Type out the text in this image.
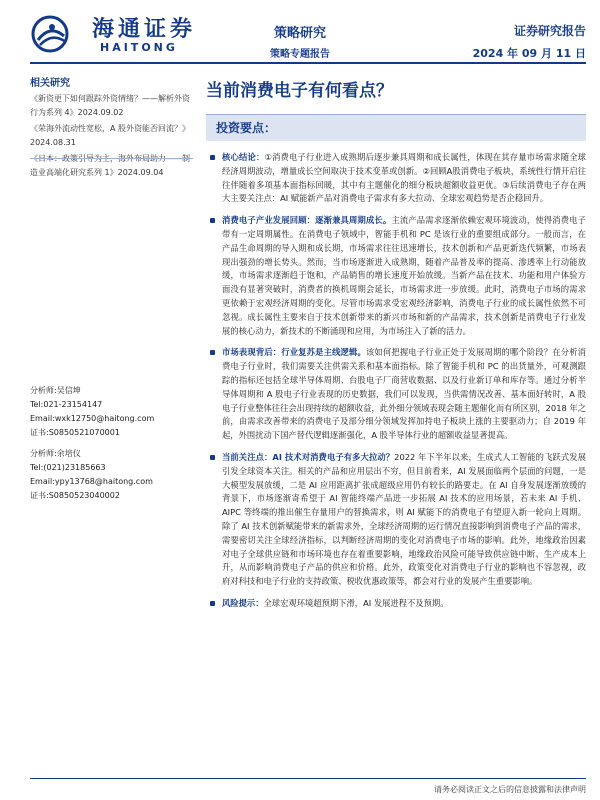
海通证券
HAITONG
策略研究
策略专题报告
证券研究报告
2024 年 09 月 11 日
相关研究
《新资更下如何跟踪外资情绪？——解析外资行为系列 4》2024.09.02
《荣海外流动性宽松，A 股外资能否回流？》2024.08.31
造业高端化研究系列 1》2024.09.04
分析师:吴信坤
Tel:021-23154147
Email:wxk12750@haitong.com
证书:S0850521070001
分析师:余培仪
Tel:(021)23185663
Email:ypy13768@haitong.com
证书:S0850523040002
当前消费电子有何看点？
投资要点：
核心结论：①消费电子行业进入成熟期后逐步兼具周期和成长属性，体现在其存量市场需求随全球经济周期波动，增量成长空间取决于技术变革或创新。②回顾A股消费电子板块，系统性行情开启往往伴随着多项基本面指标回暖，其中有主题催化的细分板块超额收益更优。③后续消费电子存在两大主要关注点：AI 赋能新产品对消费电子需求有多大拉动、全球宏观趋势是否企稳回升。
消费电子产业发展回顾：逐渐兼具周期成长。主流产品需求逐渐依赖宏观环境波动，使得消费电子带有一定周期属性。在消费电子领域中，智能手机和 PC 是该行业的重要组成部分。一般而言，在产品生命周期的导入期和成长期，市场需求往往迅速增长，技术创新和产品更新迭代频繁，市场表现出强劲的增长势头。然而，当市场逐渐进入成熟期，随着产品普及率的提高、渗透率上行动能放缓，市场需求逐渐趋于饱和，产品销售的增长速度开始放缓。当新产品在技术、功能和用户体验方面没有显著突破时，消费者的换机周期会延长，市场需求进一步放缓。此时，消费电子市场的需求更依赖于宏观经济周期的变化。尽管市场需求受宏观经济影响，消费电子行业的成长属性依然不可忽视。成长属性主要来自于技术创新带来的新兴市场和新的产品需求，技术创新是消费电子行业发展的核心动力，新技术的不断涌现和应用，为市场注入了新的活力。
市场表现背后：行业复苏是主线逻辑。该如何把握电子行业正处于发展周期的哪个阶段？在分析消费电子行业时，我们需要关注供需关系和基本面指标。除了智能手机和 PC 的出货量外，可观测跟踪的指标还包括全球半导体周期、台股电子厂商营收数据、以及行业新订单和库存等。通过分析半导体周期和 A 股电子行业表现的历史数据，我们可以发现，当供需情况改善、基本面好转时，A 股电子行业整体往往会出现持续的超额收益，此外细分领域表现会随主题催化而有所区别，2018 年之前，由需求改善带来的消费电子及部分细分领域发挥加持电子板块上涨的主要驱动力；自 2019 年起，外围扰动下国产替代逻辑逐渐强化，A 股半导体行业的超额收益显著提高。
当前关注点：AI 技术对消费电子有多大拉动？2022 年下半年以来，生成式人工智能的飞跃式发展引发全球资本关注。相关的产品和应用层出不穷，但目前看来，AI 发展面临两个层面的问题，一是大模型发展放缓，二是 AI 应用距离扩张成超级应用仍有较长的路要走。在 AI 自身发展逐渐放缓的背景下，市场逐渐寄希望于 AI 智能终端产品进一步拓展 AI 技术的应用场景，若未来 AI 手机、AIPC 等终端的推出催生存量用户的替换需求，则 AI 赋能下的消费电子有望迎入新一轮向上周期。除了 AI 技术创新赋能带来的新需求外，全球经济周期的运行情况直接影响到消费电子产品的需求，需要密切关注全球经济指标，以判断经济周期的变化对消费电子市场的影响。此外，地缘政治因素对电子全球供应链和市场环境也存在着重要影响，地缘政治风险可能导致供应链中断、生产成本上升，从而影响消费电子产品的供应和价格。此外，政策变化对消费电子行业的影响也不容忽视，政府对科技和电子行业的支持政策、税收优惠政策等，都会对行业的发展产生重要影响。
风险提示：全球宏观环境超预期下滑，AI 发展进程不及预期。
请务必阅读正文之后的信息披露和法律声明
